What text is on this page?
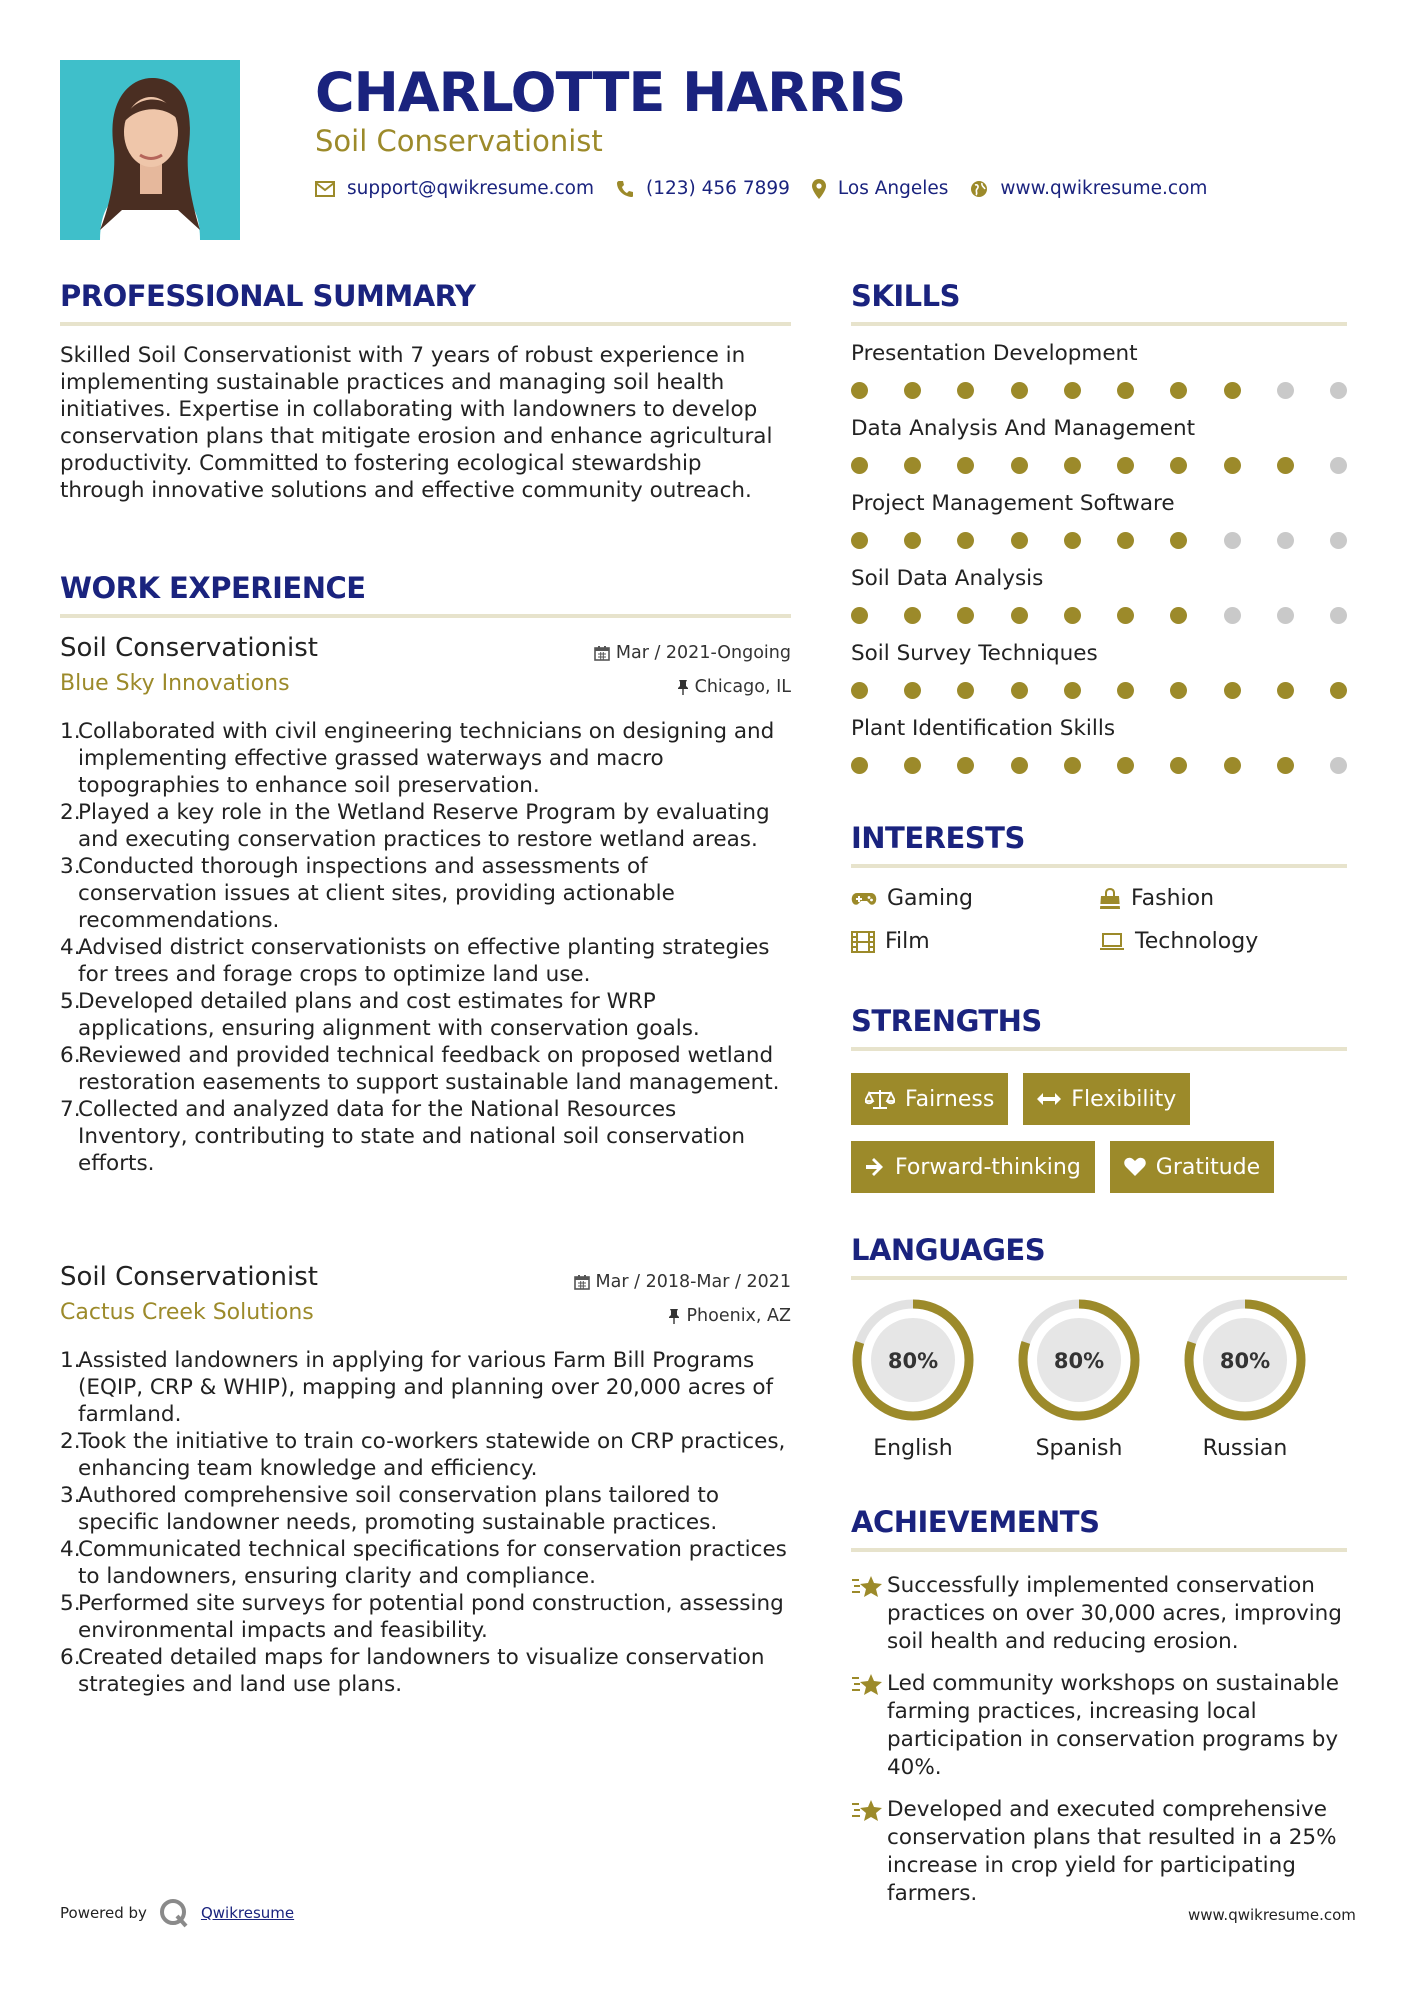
CHARLOTTE HARRIS
Soil Conservationist
support@qwikresume.com	(123) 456 7899	Los Angeles	www.qwikresume.com
PROFESSIONAL SUMMARY
Skilled Soil Conservationist with 7 years of robust experience in implementing sustainable practices and managing soil health initiatives. Expertise in collaborating with landowners to develop conservation plans that mitigate erosion and enhance agricultural productivity. Committed to fostering ecological stewardship through innovative solutions and effective community outreach.
WORK EXPERIENCE
Soil Conservationist
Blue Sky Innovations
Mar / 2021-Ongoing
Chicago, IL
Collaborated with civil engineering technicians on designing and implementing effective grassed waterways and macro topographies to enhance soil preservation.
Played a key role in the Wetland Reserve Program by evaluating and executing conservation practices to restore wetland areas.
Conducted thorough inspections and assessments of conservation issues at client sites, providing actionable recommendations.
Advised district conservationists on effective planting strategies for trees and forage crops to optimize land use.
Developed detailed plans and cost estimates for WRP applications, ensuring alignment with conservation goals.
Reviewed and provided technical feedback on proposed wetland restoration easements to support sustainable land management.
Collected and analyzed data for the National Resources Inventory, contributing to state and national soil conservation efforts.
Soil Conservationist
Cactus Creek Solutions
Mar / 2018-Mar / 2021
Phoenix, AZ
Assisted landowners in applying for various Farm Bill Programs (EQIP, CRP & WHIP), mapping and planning over 20,000 acres of farmland.
Took the initiative to train co-workers statewide on CRP practices, enhancing team knowledge and efficiency.
Authored comprehensive soil conservation plans tailored to specific landowner needs, promoting sustainable practices.
Communicated technical specifications for conservation practices to landowners, ensuring clarity and compliance.
Performed site surveys for potential pond construction, assessing environmental impacts and feasibility.
Created detailed maps for landowners to visualize conservation strategies and land use plans.
SKILLS
Presentation Development
Data Analysis And Management
Project Management Software
Soil Data Analysis
Soil Survey Techniques
Plant Identification Skills
INTERESTS
Gaming	Fashion
Film	Technology
STRENGTHS
Fairness	Flexibility
Forward-thinking	Gratitude
LANGUAGES
80%
English
80%
Spanish
80%
Russian
ACHIEVEMENTS
Successfully implemented conservation practices on over 30,000 acres, improving soil health and reducing erosion.
Led community workshops on sustainable farming practices, increasing local participation in conservation programs by 40%.
Developed and executed comprehensive conservation plans that resulted in a 25% increase in crop yield for participating farmers.
Powered by	Qwikresume	www.qwikresume.com
